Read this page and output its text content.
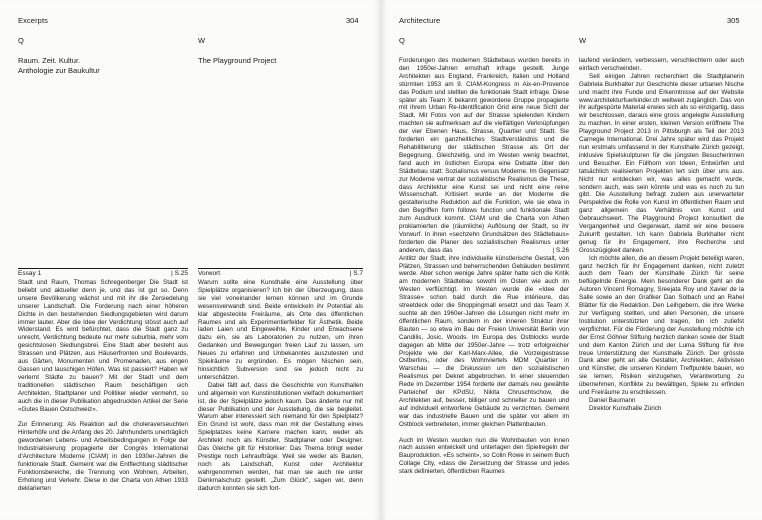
Excerpts	304
Q	W
Raum. Zeit. Kultur.
Anthologie zur Baukultur
The Playground Project
Essay 1	| S.25

Stadt und Raum, Thomas Schregenberger Die Stadt ist beliebt und aktueller denn je, und das ist gut so. Denn unsere Bevölkerung wächst und mit ihr die Zersiedelung unserer Landschaft. Die Forderung nach einer höheren Dichte in den bestehenden Siedlungsgebieten wird darum immer lauter. Aber die Idee der Verdichtung stösst auch auf Widerstand. Es wird befürchtet, dass die Stadt ganz zu unrecht, Verdichtung bedeute nur mehr suburbia, mehr vom gesichtslosen Siedlungsbrei. Eine Stadt aber besteht aus Strassen und Plätzen, aus Häuserfronten und Boulevards, aus Gärten, Monumenten und Promenaden, aus engen Gassen und lauschigen Höfen. Was ist passiert? Haben wir verlernt Städte zu bauen? Mit der Stadt und dem traditionellen städtischen Raum beschäftigen sich Architekten, Stadtplaner und Politiker wieder vermehrt, so auch die in dieser Publikation abgedruckten Artikel der Serie «Gutes Bauen Ostschweiz».

Zur Erinnerung: Als Reaktion auf die choleraverseuchten Hinterhöfe und die Anfang des 20. Jahrhunderts unerträglich gewordenen Lebens- und Arbeitsbedingungen in Folge der Industrialisierung propagierte der Congrès International d'Architecture Moderne (CIAM) in den 1930er-Jahren die funktionale Stadt. Gemeint war die Entflechtung städtischer Funktionsbereiche, die Trennung von Wohnen, Arbeiten, Erholung und Verkehr. Diese in der Charta von Athen 1933 deklarierten

Vorwort	| S.7

Warum sollte eine Kunsthalle eine Ausstellung über Spielplätze organisieren? Ich bin der Überzeugung, dass sie viel voneinander lernen können und im Grunde wesensverwandt sind. Beide entwickeln ihr Potential als klar abgesteckte Freiräume, als Orte des öffentlichen Raumes und als Experimentierfelder für Ästhetik. Beide laden Laien und Eingeweihte, Kinder und Erwachsene dazu ein, sie als Laboratorien zu nutzen, um ihren Gedanken und Bewegungen freien Lauf zu lassen, um Neues zu erfahren und Unbekanntes auszutesten und Spielräume zu ergründen. Es mögen Nischen sein, hinsichtlich Subversion sind sie jedoch nicht zu unterschätzen.

Dabei fällt auf, dass die Geschichte von Kunsthallen und allgemein von Kunstinstitutionen vielfach dokumentiert ist, die der Spielplätze jedoch kaum. Das änderte nur mit dieser Publikation und der Ausstellung, die sie begleitet. Warum aber interessiert sich niemand für den Spielplatz? Ein Grund ist wohl, dass man mit der Gestaltung eines Spielplatzes keine Karriere machen kann, weder als Architekt noch als Künstler, Stadtplaner oder Designer. Das Gleiche gilt für Historiker: Das Thema bringt weder Prestige noch Lehraufträge. Weil sie weder als Bauten, noch als Landschaft, Kunst oder Architektur wahrgenommen werden, hat man sie auch nie unter Denkmalschutz gestellt. „Zum Glück", sagen wir, denn dadurch konnten sie sich fort-

Architecture	305
Q	W

Forderungen des modernen Städtebaus wurden bereits in den 1950er-Jahren ernsthaft infrage gestellt. Junge Architekten aus England, Frankreich, Italien und Holland stürmten 1953 am 9. CIAM-Kongress in Aix-en-Provence das Podium und stellten die funktionale Stadt infrage. Diese später als Team X bekannt gewordene Gruppe propagierte mit ihrem Urban Re-Identification Grid eine neue Sicht der Stadt. Mit Fotos von auf der Strasse spielenden Kindern machten sie aufmerksam auf die vielfältigen Verknüpfungen der vier Ebenen Haus, Strasse, Quartier und Stadt. Sie forderten ein ganzheitliches Stadtverständnis und die Rehabilitierung der städtischen Strasse als Ort der Begegnung. Gleichzeitig, und im Westen wenig beachtet, fand auch im östlichen Europa eine Debatte über den Städtebau statt: Sozialismus versus Moderne. Im Gegensatz zur Moderne vertrat der sozialistische Realismus die These, dass Architektur eine Kunst sei und nicht eine reine Wissenschaft. Kritisiert wurde an der Moderne die gestalterische Reduktion auf die Funktion, wie sie etwa in den Begriffen form follows function und funktionale Stadt zum Ausdruck kommt. CIAM und die Charta von Athen proklamierten die (räumliche) Auflösung der Stadt, so ihr Vorwurf. In ihren «sechzehn Grundsätzen des Städtebaus» forderten die Planer des sozialistischen Realismus unter anderem, dass das	| S.26

Antlitz der Stadt, ihre individuelle künstlerische Gestalt, von Plätzen, Strassen und beherrschenden Gebäuden bestimmt werde. Aber schon wenige Jahre später hatte sich die Kritik am modernen Städtebau sowohl im Osten wie auch im Westen verflüchtigt. Im Westen wurde die «Idee der Strasse» schon bald durch die Rue intérieure, das streetdeck oder die Shoppingmall ersetzt und das Team X suchte ab den 1960er-Jahren die Lösungen nicht mehr im öffentlichen Raum, sondern in der inneren Struktur ihrer Bauten — so etwa im Bau der Freien Universität Berlin von Candilis, Josic, Woods. Im Europa des Ostblocks wurde dagegen ab Mitte der 1950er-Jahre — trotz erfolgreicher Projekte wie der Karl-Marx-Allee, die Vorzeigestrasse Ostberlins, oder des Wohnviertels MDM Quartier in Warschau — die Diskussion um den sozialistischen Realismus per Dekret abgebrochen. In einer steuernden Rede im Dezember 1954 forderte der damals neu gewählte Parteichef der KPdSU, Nikita Chruschtschow, die Architekten auf, besser, billiger und schneller zu bauen und auf individuell entworfene Gebäude zu verzichten. Gemeint war das industrielle Bauen und die später vor allem im Ostblock verbreiteten, immer gleichen Plattenbauten.

Auch im Westen wurden nun die Wohnbauten von innen nach aussen entwickelt und unterlagen den Spielregeln der Bauproduktion. «Es scheint», so Colin Rowe in seinem Buch Collage City, «dass die Zersetzung der Strasse und jedes stark definierten, öffentlichen Raumes

laufend verändern, verbessern, verschlechtern oder auch einfach verschwinden.

Seit einigen Jahren recherchiert die Stadtplanerin Gabriela Burkhalter zur Geschichte dieser urbanen Nische und macht ihre Funde und Erkenntnisse auf der Website www.architekturfuerkinder.ch weltweit zugänglich. Das von ihr aufgespürte Material erwies sich als so einzigartig, dass wir beschlossen, daraus eine gross angelegte Ausstellung zu machen. In einer ersten, kleinen Version eröffnete The Playground Project 2013 in Pittsburgh als Teil der 2013 Carnegie International. Drei Jahre später wird das Projekt nun erstmals umfassend in der Kunsthalle Zürich gezeigt, inklusive Spielskulpturen für die jüngsten Besucherinnen und Besucher. Ein Füllhorn von Ideen, Entwürfen und tatsächlich realisierten Projekten lert sich über uns aus. Nicht nur entdecken wir, was alles gemacht wurde, sondern auch, was sein könnte und was es noch zu tun gibt. Die Ausstellung befragt zudem aus unerwarteter Perspektive die Rolle von Kunst im öffentlichen Raum und ganz allgemein das Verhältnis von Kunst und Gebrauchswert. The Playground Project konsultiert die Vergangenheit und Gegenwart, damit wir eine bessere Zukunft gestalten. Ich kann Gabriela Burkhalter nicht genug für ihr Engagement, ihre Recherche und Grosszügigkeit danken.

Ich möchte allen, die an diesem Projekt beteiligt waren, ganz herzlich für ihr Engagement danken, nicht zuletzt auch dem Team der Kunsthalle Zürich für seine beflügelnde Energie. Mein besonderer Dank geht an die Autoren Vincent Romagny, Sreejata Roy und Xavier de la Salle sowie an den Grafiker Dan Solbach und an Rahel Blätter für die Redaktion. Den Leihgebern, die ihre Werke zur Verfügung stellten, und allen Personen, die unsere Institution unterstützten und tragen, bin ich zutiefst verpflichtet. Für die Förderung der Ausstellung möchte ich der Ernst Göhner Stiftung herzlich danken sowie der Stadt und dem Kanton Zürich und der Luma Stiftung für ihre treue Unterstützung der Kunsthalle Zürich. Der grösste Dank aber geht an alle Gestalter, Architekten, Aktivisten und Künstler, die unseren Kindern Treffpunkte bauen, wo sie lernen, Risiken einzugehen, Verantwortung zu übernehmen, Konflikte zu bewältigen, Spiele zu erfinden und Freiräume zu erschliessen.

Daniel Baumann
Direktor Kunsthalle Zürich
